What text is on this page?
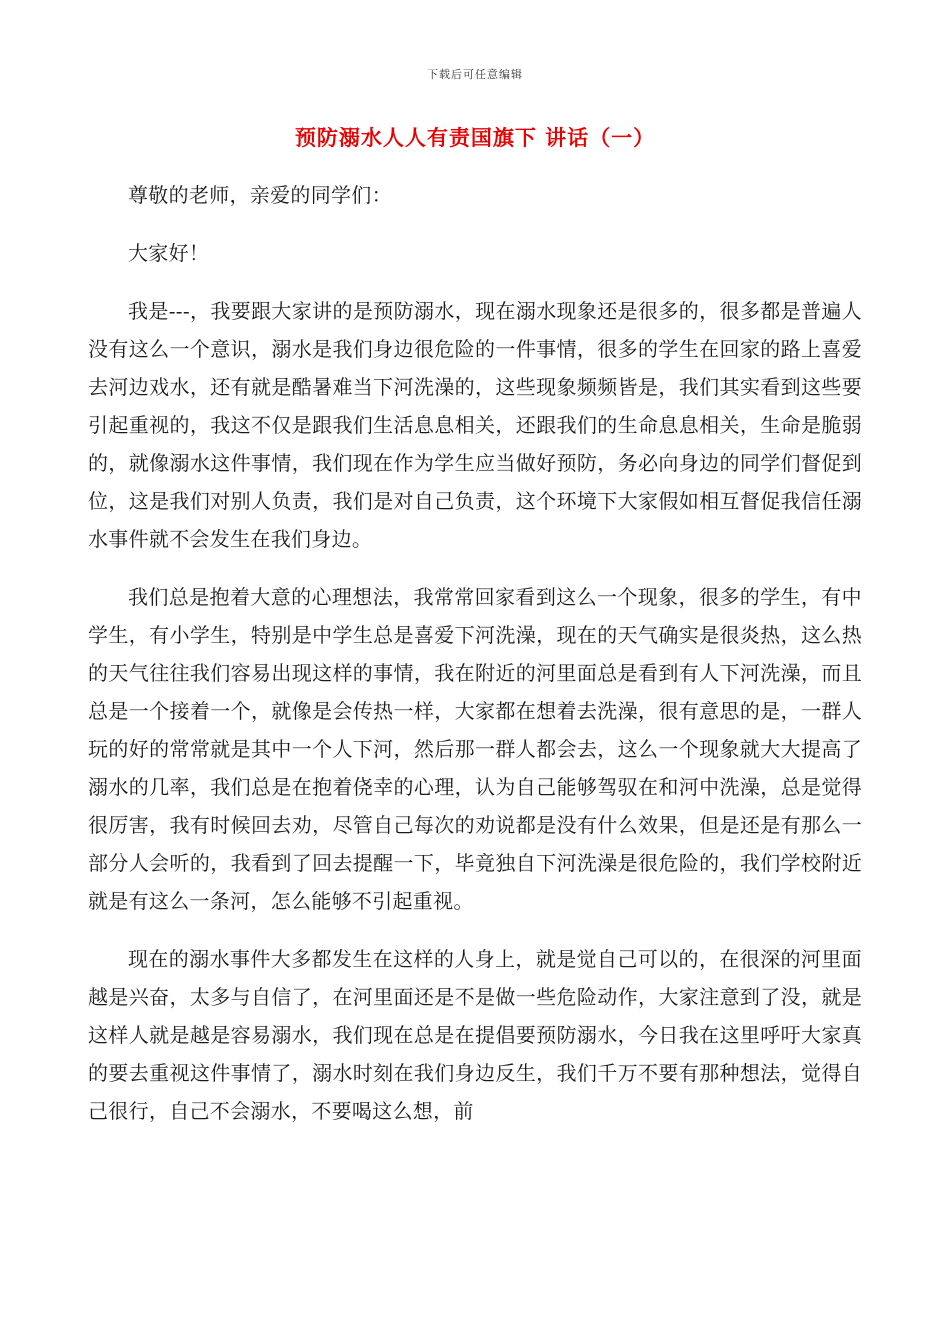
下载后可任意编辑
预防溺水人人有责国旗下 讲话（一）

尊敬的老师，亲爱的同学们：

大家好！

我是---，我要跟大家讲的是预防溺水，现在溺水现象还是很多的，很多都是普遍人没有这么一个意识，溺水是我们身边很危险的一件事情，很多的学生在回家的路上喜爱去河边戏水，还有就是酷暑难当下河洗澡的，这些现象频频皆是，我们其实看到这些要引起重视的，我这不仅是跟我们生活息息相关，还跟我们的生命息息相关，生命是脆弱的，就像溺水这件事情，我们现在作为学生应当做好预防，务必向身边的同学们督促到位，这是我们对别人负责，我们是对自己负责，这个环境下大家假如相互督促我信任溺水事件就不会发生在我们身边。

我们总是抱着大意的心理想法，我常常回家看到这么一个现象，很多的学生，有中学生，有小学生，特别是中学生总是喜爱下河洗澡，现在的天气确实是很炎热，这么热的天气往往我们容易出现这样的事情，我在附近的河里面总是看到有人下河洗澡，而且总是一个接着一个，就像是会传热一样，大家都在想着去洗澡，很有意思的是，一群人玩的好的常常就是其中一个人下河，然后那一群人都会去，这么一个现象就大大提高了溺水的几率，我们总是在抱着侥幸的心理，认为自己能够驾驭在和河中洗澡，总是觉得很厉害，我有时候回去劝，尽管自己每次的劝说都是没有什么效果，但是还是有那么一部分人会听的，我看到了回去提醒一下，毕竟独自下河洗澡是很危险的，我们学校附近就是有这么一条河，怎么能够不引起重视。

现在的溺水事件大多都发生在这样的人身上，就是觉自己可以的，在很深的河里面越是兴奋，太多与自信了，在河里面还是不是做一些危险动作，大家注意到了没，就是这样人就是越是容易溺水，我们现在总是在提倡要预防溺水，今日我在这里呼吁大家真的要去重视这件事情了，溺水时刻在我们身边反生，我们千万不要有那种想法，觉得自己很行，自己不会溺水，不要喝这么想，前
